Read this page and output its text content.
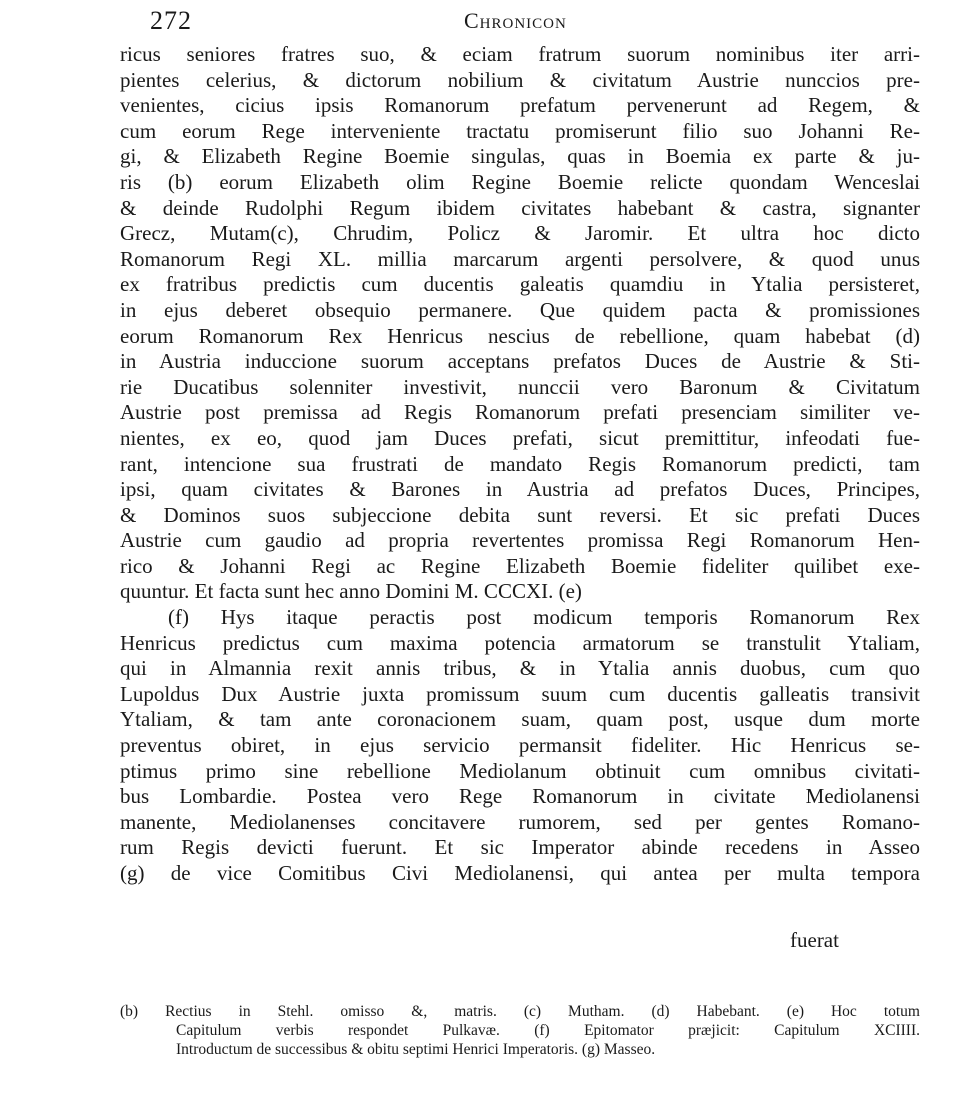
272	Chronicon
ricus seniores fratres suo, & eciam fratrum suorum nominibus iter arri-
pientes celerius, & dictorum nobilium & civitatum Austrie nunccios pre-
venientes, cicius ipsis Romanorum prefatum pervenerunt ad Regem, &
cum eorum Rege interveniente tractatu promiserunt filio suo Johanni Re-
gi, & Elizabeth Regine Boemie singulas, quas in Boemia ex parte & ju-
ris (b) eorum Elizabeth olim Regine Boemie relicte quondam Wenceslai
& deinde Rudolphi Regum ibidem civitates habebant & castra, signanter
Grecz, Mutam(c), Chrudim, Policz & Jaromir. Et ultra hoc dicto
Romanorum Regi XL. millia marcarum argenti persolvere, & quod unus
ex fratribus predictis cum ducentis galeatis quamdiu in Ytalia persisteret,
in ejus deberet obsequio permanere. Que quidem pacta & promissiones
eorum Romanorum Rex Henricus nescius de rebellione, quam habebat (d)
in Austria induccione suorum acceptans prefatos Duces de Austrie & Sti-
rie Ducatibus solenniter investivit, nunccii vero Baronum & Civitatum
Austrie post premissa ad Regis Romanorum prefati presenciam similiter ve-
nientes, ex eo, quod jam Duces prefati, sicut premittitur, infeodati fue-
rant, intencione sua frustrati de mandato Regis Romanorum predicti, tam
ipsi, quam civitates & Barones in Austria ad prefatos Duces, Principes,
& Dominos suos subjeccione debita sunt reversi. Et sic prefati Duces
Austrie cum gaudio ad propria revertentes promissa Regi Romanorum Hen-
rico & Johanni Regi ac Regine Elizabeth Boemie fideliter quilibet exe-
quuntur. Et facta sunt hec anno Domini M. CCCXI. (e)
(f) Hys itaque peractis post modicum temporis Romanorum Rex
Henricus predictus cum maxima potencia armatorum se transtulit Ytaliam,
qui in Almannia rexit annis tribus, & in Ytalia annis duobus, cum quo
Lupoldus Dux Austrie juxta promissum suum cum ducentis galleatis transivit
Ytaliam, & tam ante coronacionem suam, quam post, usque dum morte
preventus obiret, in ejus servicio permansit fideliter. Hic Henricus se-
ptimus primo sine rebellione Mediolanum obtinuit cum omnibus civitati-
bus Lombardie. Postea vero Rege Romanorum in civitate Mediolanensi
manente, Mediolanenses concitavere rumorem, sed per gentes Romano-
rum Regis devicti fuerunt. Et sic Imperator abinde recedens in Asseo
(g) de vice Comitibus Civi Mediolanensi, qui antea per multa tempora
fuerat
(b) Rectius in Stehl. omisso &, matris. (c) Mutham. (d) Habebant. (e) Hoc totum
Capitulum verbis respondet Pulkavæ. (f) Epitomator præjicit: Capitulum XCIIII.
Introductum de successibus & obitu septimi Henrici Imperatoris. (g) Masseo.
